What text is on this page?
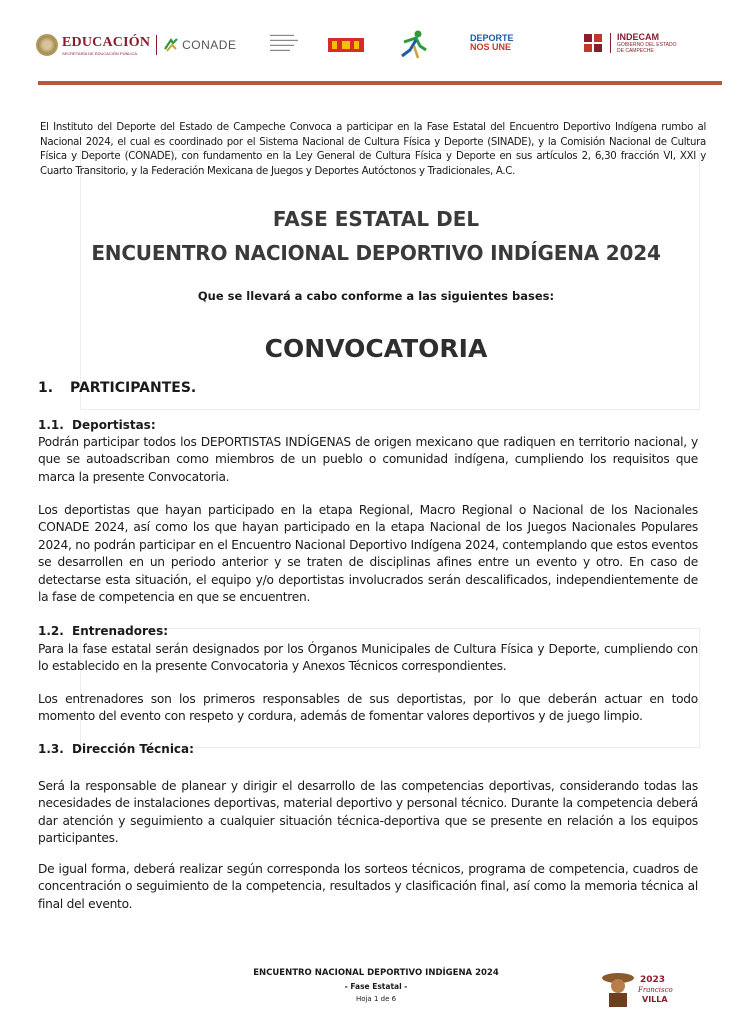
EDUCACIÓN
SECRETARÍA DE EDUCACIÓN PÚBLICA
CONADE
▬▬▬▬▬▬
▬▬▬▬▬▬▬
▬▬▬▬▬▬
▬▬▬▬▬
DEPORTE
NOS UNE
INDECAM
GOBIERNO DEL ESTADO
DE CAMPECHE
El Instituto del Deporte del Estado de Campeche Convoca a participar en la Fase Estatal del Encuentro Deportivo Indígena rumbo al Nacional 2024, el cual es coordinado por el Sistema Nacional de Cultura Física y Deporte (SINADE), y la Comisión Nacional de Cultura Física y Deporte (CONADE), con fundamento en la Ley General de Cultura Física y Deporte en sus artículos 2, 6,30 fracción VI, XXI y Cuarto Transitorio, y la Federación Mexicana de Juegos y Deportes Autóctonos y Tradicionales, A.C.
FASE ESTATAL DEL
ENCUENTRO NACIONAL DEPORTIVO INDÍGENA 2024
Que se llevará a cabo conforme a las siguientes bases:
CONVOCATORIA
1. PARTICIPANTES.
1.1. Deportistas:
Podrán participar todos los DEPORTISTAS INDÍGENAS de origen mexicano que radiquen en territorio nacional, y que se autoadscriban como miembros de un pueblo o comunidad indígena, cumpliendo los requisitos que marca la presente Convocatoria.
Los deportistas que hayan participado en la etapa Regional, Macro Regional o Nacional de los Nacionales CONADE 2024, así como los que hayan participado en la etapa Nacional de los Juegos Nacionales Populares 2024, no podrán participar en el Encuentro Nacional Deportivo Indígena 2024, contemplando que estos eventos se desarrollen en un periodo anterior y se traten de disciplinas afines entre un evento y otro. En caso de detectarse esta situación, el equipo y/o deportistas involucrados serán descalificados, independientemente de la fase de competencia en que se encuentren.
1.2. Entrenadores:
Para la fase estatal serán designados por los Órganos Municipales de Cultura Física y Deporte, cumpliendo con lo establecido en la presente Convocatoria y Anexos Técnicos correspondientes.
Los entrenadores son los primeros responsables de sus deportistas, por lo que deberán actuar en todo momento del evento con respeto y cordura, además de fomentar valores deportivos y de juego limpio.
1.3. Dirección Técnica:
Será la responsable de planear y dirigir el desarrollo de las competencias deportivas, considerando todas las necesidades de instalaciones deportivas, material deportivo y personal técnico. Durante la competencia deberá dar atención y seguimiento a cualquier situación técnica-deportiva que se presente en relación a los equipos participantes.
De igual forma, deberá realizar según corresponda los sorteos técnicos, programa de competencia, cuadros de concentración o seguimiento de la competencia, resultados y clasificación final, así como la memoria técnica al final del evento.
ENCUENTRO NACIONAL DEPORTIVO INDÍGENA 2024
- Fase Estatal -
Hoja 1 de 6
2023
Francisco
VILLA
